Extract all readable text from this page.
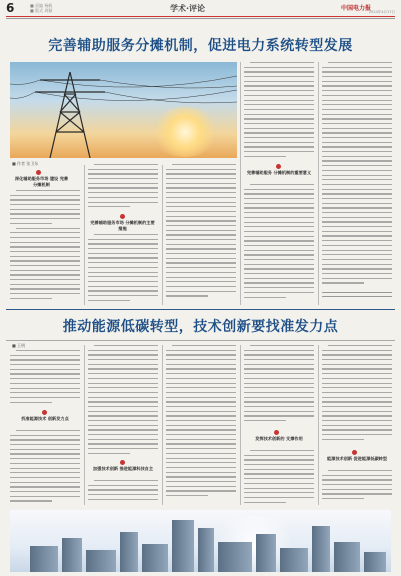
6	■ 责编 杨帆
■ 版式 周颖	学术·评论	中国电力报
2024年4月17日
完善辅助服务分摊机制，促进电力系统转型发展
■ 作者 张卫东
深化辅助服务市场 建设 完善分摊机制
完善辅助服务市场 分摊机制的主要措施
完善辅助服务 分摊机制的重要意义
推动能源低碳转型，技术创新要找准发力点
■ 王明
找准能源技术 创新发力点
加强技术创新 推进能源科技自主
发挥技术创新的 支撑作用
能源技术创新 促进能源低碳转型
